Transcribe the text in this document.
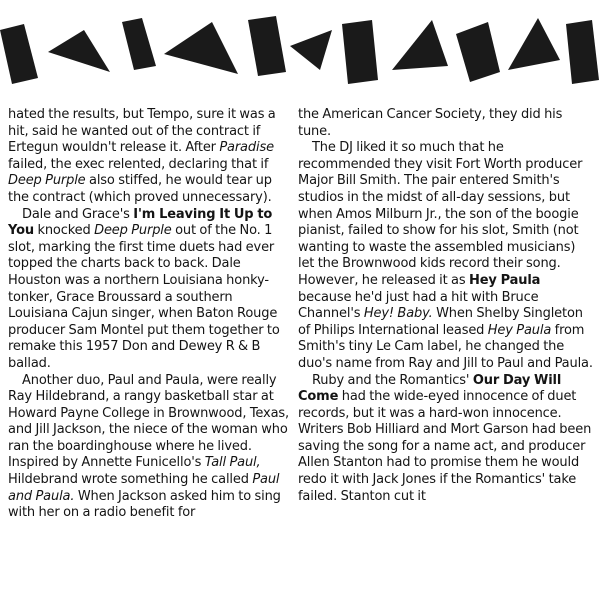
hated the results, but Tempo, sure it was a hit, said he wanted out of the contract if Ertegun wouldn't release it. After Paradise failed, the exec relented, declaring that if Deep Purple also stiffed, he would tear up the contract (which proved unnecessary).

Dale and Grace's I'm Leaving It Up to You knocked Deep Purple out of the No. 1 slot, marking the first time duets had ever topped the charts back to back. Dale Houston was a northern Louisiana honky-tonker, Grace Broussard a southern Louisiana Cajun singer, when Baton Rouge producer Sam Montel put them together to remake this 1957 Don and Dewey R & B ballad.

Another duo, Paul and Paula, were really Ray Hildebrand, a rangy basketball star at Howard Payne College in Brownwood, Texas, and Jill Jackson, the niece of the woman who ran the boardinghouse where he lived. Inspired by Annette Funicello's Tall Paul, Hildebrand wrote something he called Paul and Paula. When Jackson asked him to sing with her on a radio benefit for

the American Cancer Society, they did his tune.

The DJ liked it so much that he recommended they visit Fort Worth producer Major Bill Smith. The pair entered Smith's studios in the midst of all-day sessions, but when Amos Milburn Jr., the son of the boogie pianist, failed to show for his slot, Smith (not wanting to waste the assembled musicians) let the Brownwood kids record their song. However, he released it as Hey Paula because he'd just had a hit with Bruce Channel's Hey! Baby. When Shelby Singleton of Philips International leased Hey Paula from Smith's tiny Le Cam label, he changed the duo's name from Ray and Jill to Paul and Paula.

Ruby and the Romantics' Our Day Will Come had the wide-eyed innocence of duet records, but it was a hard-won innocence. Writers Bob Hilliard and Mort Garson had been saving the song for a name act, and producer Allen Stanton had to promise them he would redo it with Jack Jones if the Romantics' take failed. Stanton cut it
